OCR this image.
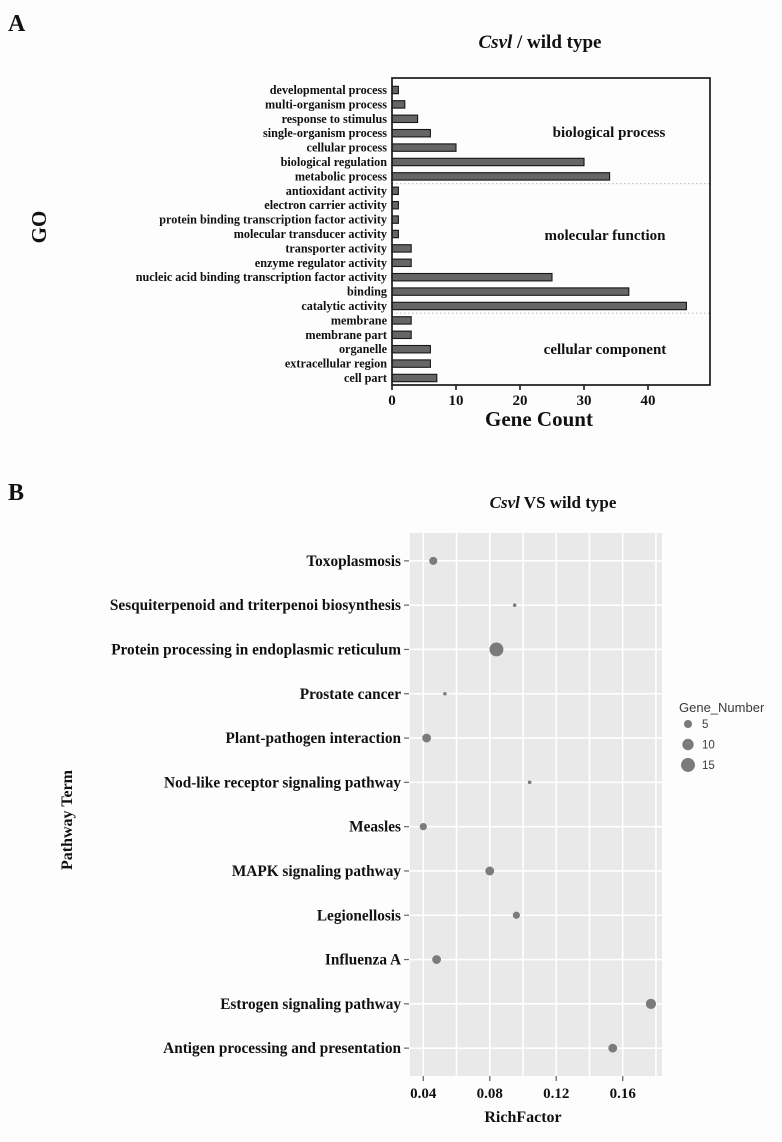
A
Csvl / wild type
GO
Gene Count
developmental process
multi-organism process
response to stimulus
single-organism process
cellular process
biological regulation
metabolic process
antioxidant activity
electron carrier activity
protein binding transcription factor activity
molecular transducer activity
transporter activity
enzyme regulator activity
nucleic acid binding transcription factor activity
binding
catalytic activity
membrane
membrane part
organelle
extracellular region
cell part
biological process
molecular function
cellular component
0	10	20	30	40
B	Csvl VS wild type
Pathway Term
RichFactor
Toxoplasmosis
Sesquiterpenoid and triterpenoi biosynthesis
Protein processing in endoplasmic reticulum
Prostate cancer
Plant-pathogen interaction
Nod-like receptor signaling pathway
Measles
MAPK signaling pathway
Legionellosis
Influenza A
Estrogen signaling pathway
Antigen processing and presentation
0.04	0.08	0.12	0.16
Gene_Number
5
10
15
